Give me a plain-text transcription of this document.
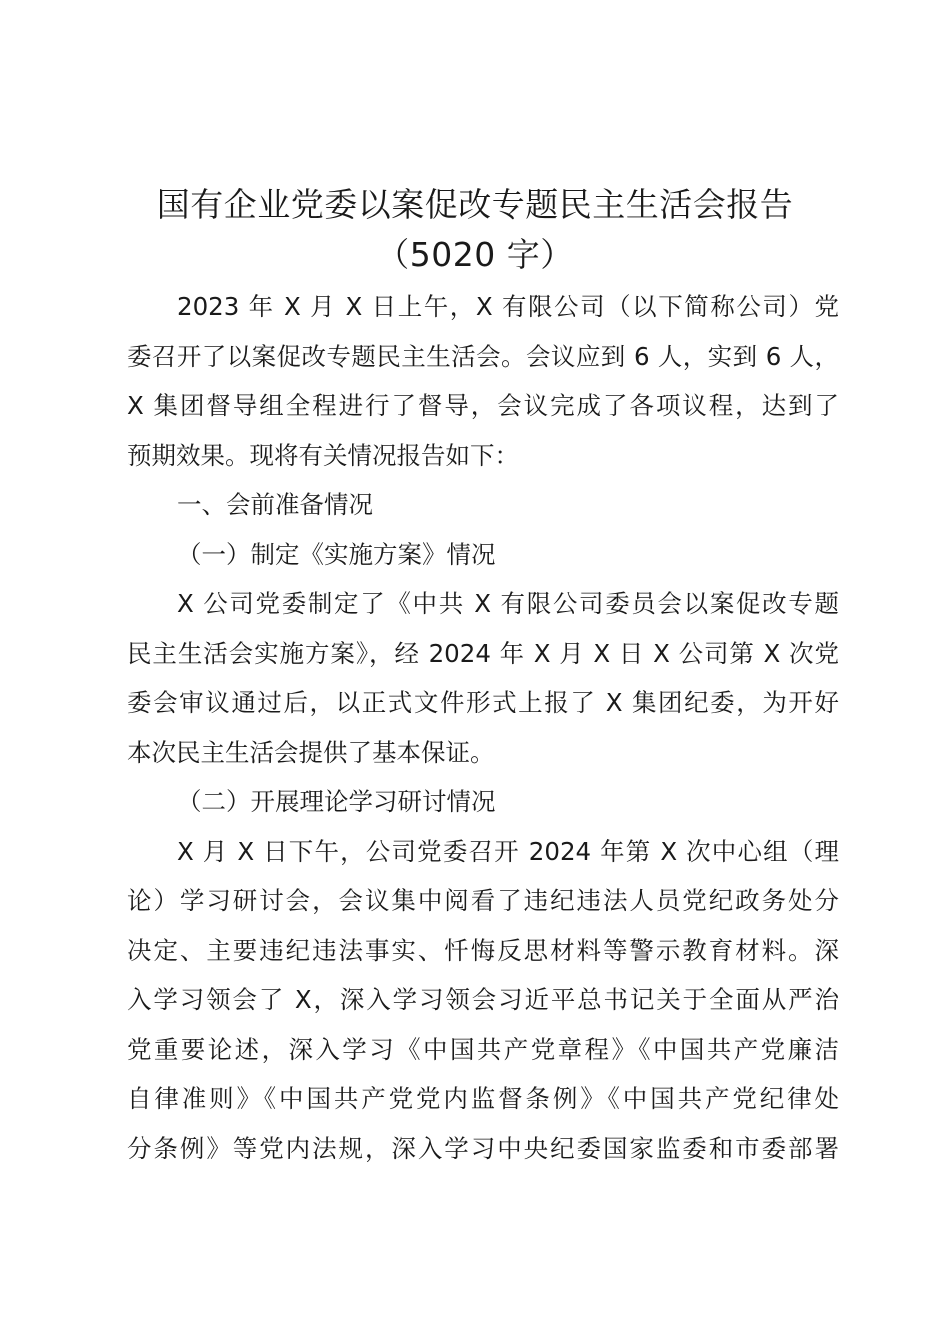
国有企业党委以案促改专题民主生活会报告
（5020 字）
2023 年 X 月 X 日上午，X 有限公司（以下简称公司）党
委召开了以案促改专题民主生活会。会议应到 6 人，实到 6 人，
X 集团督导组全程进行了督导，会议完成了各项议程，达到了
预期效果。现将有关情况报告如下：
一、会前准备情况
（一）制定《实施方案》情况
X 公司党委制定了《中共 X 有限公司委员会以案促改专题
民主生活会实施方案》，经 2024 年 X 月 X 日 X 公司第 X 次党
委会审议通过后，以正式文件形式上报了 X 集团纪委，为开好
本次民主生活会提供了基本保证。
（二）开展理论学习研讨情况
X 月 X 日下午，公司党委召开 2024 年第 X 次中心组（理
论）学习研讨会，会议集中阅看了违纪违法人员党纪政务处分
决定、主要违纪违法事实、忏悔反思材料等警示教育材料。深
入学习领会了 X，深入学习领会习近平总书记关于全面从严治
党重要论述，深入学习《中国共产党章程》《中国共产党廉洁
自律准则》《中国共产党党内监督条例》《中国共产党纪律处
分条例》等党内法规，深入学习中央纪委国家监委和市委部署
